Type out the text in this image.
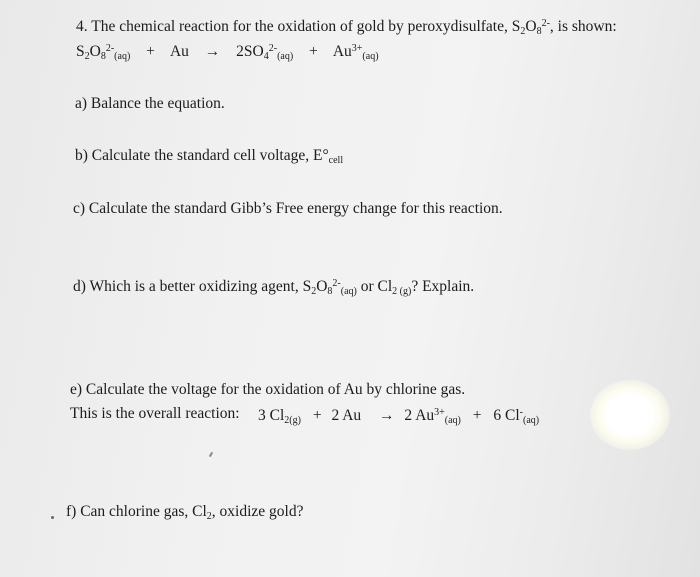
4. The chemical reaction for the oxidation of gold by peroxydisulfate, $S_2O_8^{2-}$, is shown:
$S_2O_8^{2-}_{(aq)} + Au \to 2SO_4^{2-}_{(aq)} + Au^{3+}_{(aq)}$
a) Balance the equation.
b) Calculate the standard cell voltage, $E^\circ_{cell}$
c) Calculate the standard Gibb’s Free energy change for this reaction.
d) Which is a better oxidizing agent, $S_2O_8^{2-}_{(aq)}$ or $Cl_{2 (g)}$? Explain.
e) Calculate the voltage for the oxidation of Au by chlorine gas.
This is the overall reaction: 3 $Cl_{2(g)} + 2$ Au → 2 $Au^{3+}_{(aq)} + 6$ $Cl^-_{(aq)}$
f) Can chlorine gas, $Cl_2$, oxidize gold?
